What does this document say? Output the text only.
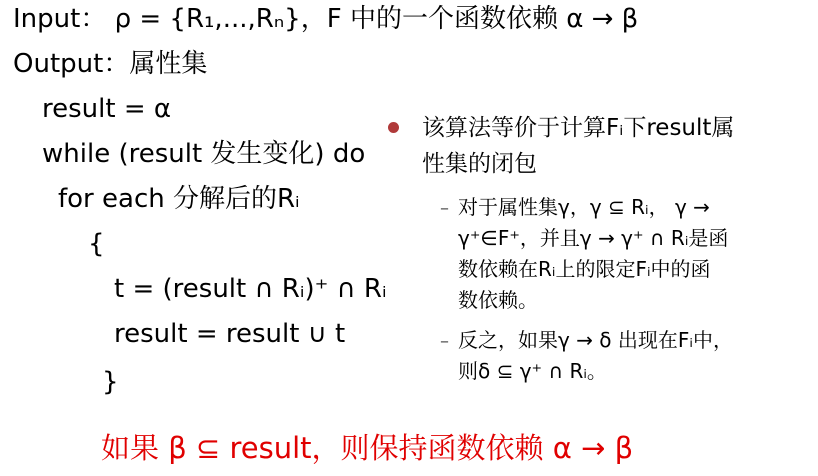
Input： ρ = {R₁,...,Rₙ}，F 中的一个函数依赖 α → β
Output：属性集
result = α
while (result 发生变化) do
for each 分解后的Rᵢ
{
t = (result ∩ Rᵢ)⁺ ∩ Rᵢ
result = result ∪ t
}
该算法等价于计算Fᵢ下result属
性集的闭包
– 对于属性集γ，γ ⊆ Rᵢ， γ →
γ⁺∈F⁺，并且γ → γ⁺ ∩ Rᵢ是函
数依赖在Rᵢ上的限定Fᵢ中的函
数依赖。
– 反之，如果γ → δ 出现在Fᵢ中，
则δ ⊆ γ⁺ ∩ Rᵢ。
如果 β ⊆ result，则保持函数依赖 α → β
